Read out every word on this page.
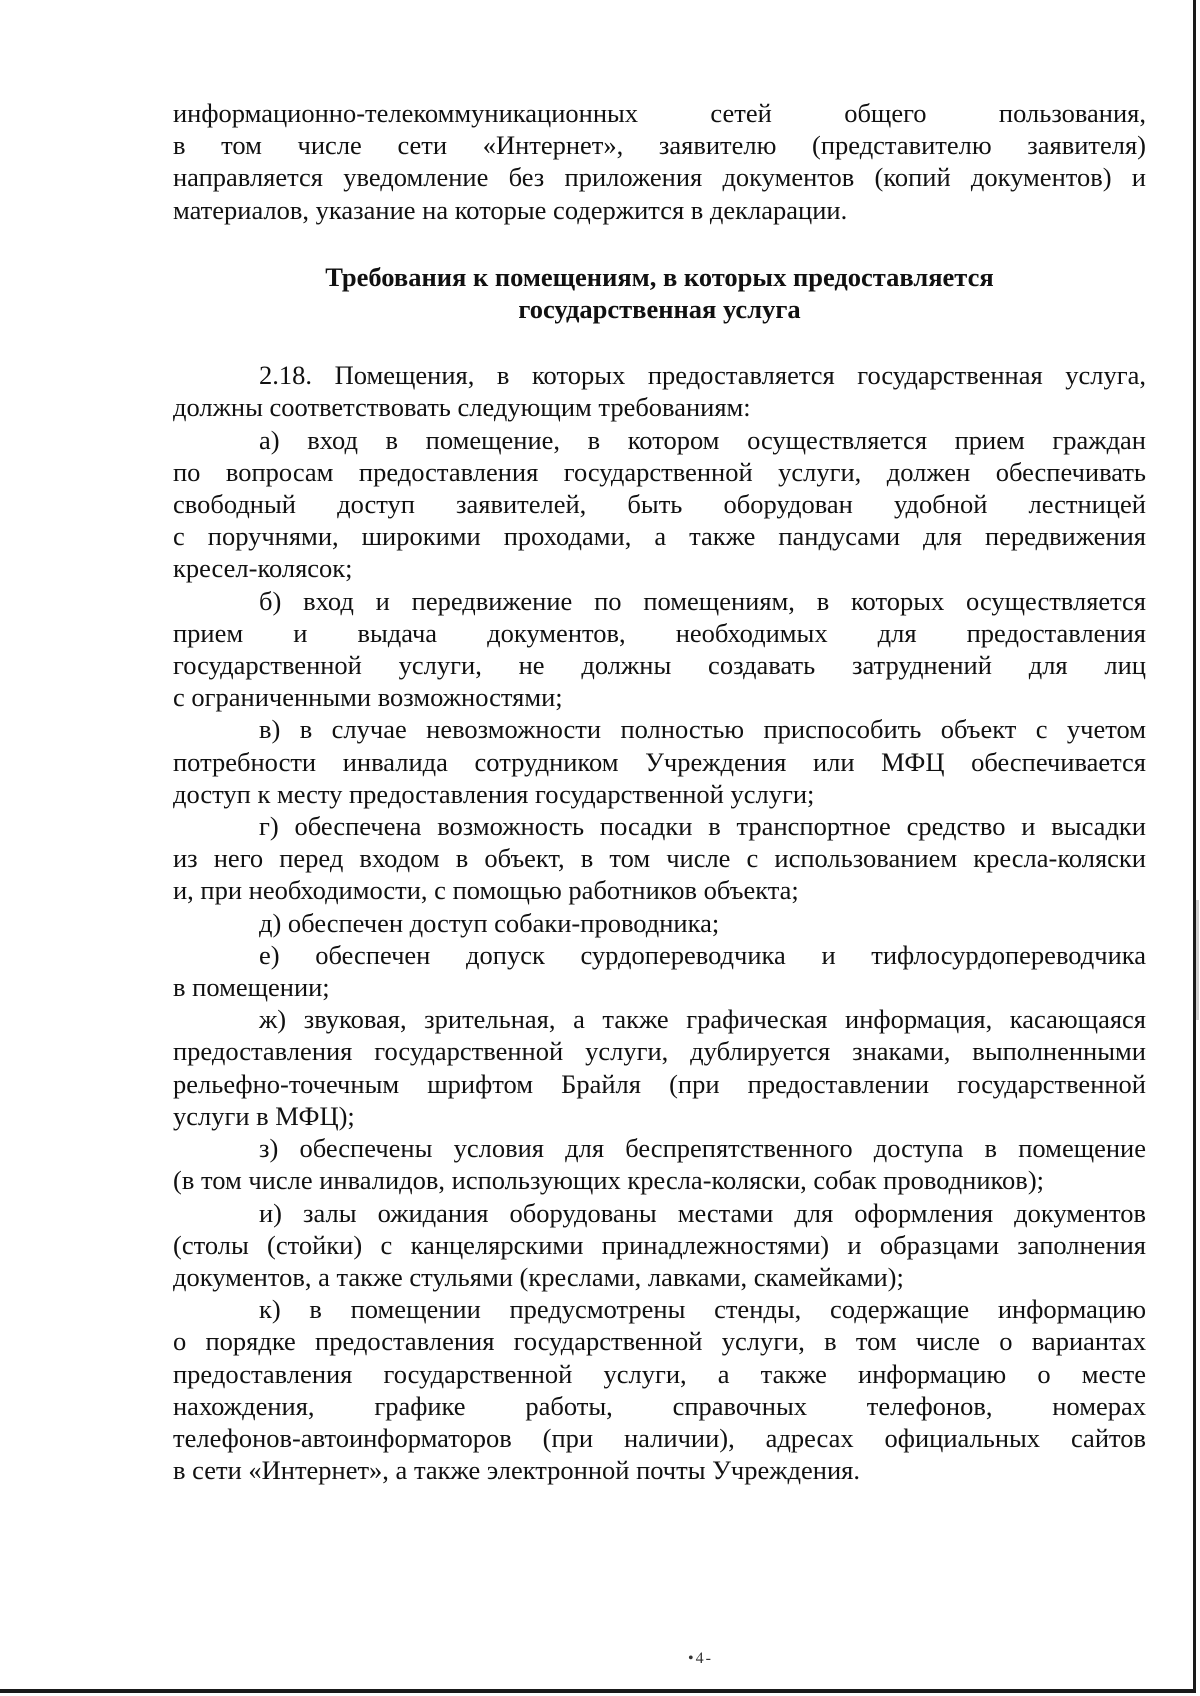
информационно-телекоммуникационных сетей общего пользования,
в том числе сети «Интернет», заявителю (представителю заявителя)
направляется уведомление без приложения документов (копий документов) и
материалов, указание на которые содержится в декларации.
Требования к помещениям, в которых предоставляется
государственная услуга
2.18. Помещения, в которых предоставляется государственная услуга,
должны соответствовать следующим требованиям:
а) вход в помещение, в котором осуществляется прием граждан
по вопросам предоставления государственной услуги, должен обеспечивать
свободный доступ заявителей, быть оборудован удобной лестницей
с поручнями, широкими проходами, а также пандусами для передвижения
кресел-колясок;
б) вход и передвижение по помещениям, в которых осуществляется
прием и выдача документов, необходимых для предоставления
государственной услуги, не должны создавать затруднений для лиц
с ограниченными возможностями;
в) в случае невозможности полностью приспособить объект с учетом
потребности инвалида сотрудником Учреждения или МФЦ обеспечивается
доступ к месту предоставления государственной услуги;
г) обеспечена возможность посадки в транспортное средство и высадки
из него перед входом в объект, в том числе с использованием кресла-коляски
и, при необходимости, с помощью работников объекта;
д) обеспечен доступ собаки-проводника;
е) обеспечен допуск сурдопереводчика и тифлосурдопереводчика
в помещении;
ж) звуковая, зрительная, а также графическая информация, касающаяся
предоставления государственной услуги, дублируется знаками, выполненными
рельефно-точечным шрифтом Брайля (при предоставлении государственной
услуги в МФЦ);
з) обеспечены условия для беспрепятственного доступа в помещение
(в том числе инвалидов, использующих кресла-коляски, собак проводников);
и) залы ожидания оборудованы местами для оформления документов
(столы (стойки) с канцелярскими принадлежностями) и образцами заполнения
документов, а также стульями (креслами, лавками, скамейками);
к) в помещении предусмотрены стенды, содержащие информацию
о порядке предоставления государственной услуги, в том числе о вариантах
предоставления государственной услуги, а также информацию о месте
нахождения, графике работы, справочных телефонов, номерах
телефонов-автоинформаторов (при наличии), адресах официальных сайтов
в сети «Интернет», а также электронной почты Учреждения.
•4-
